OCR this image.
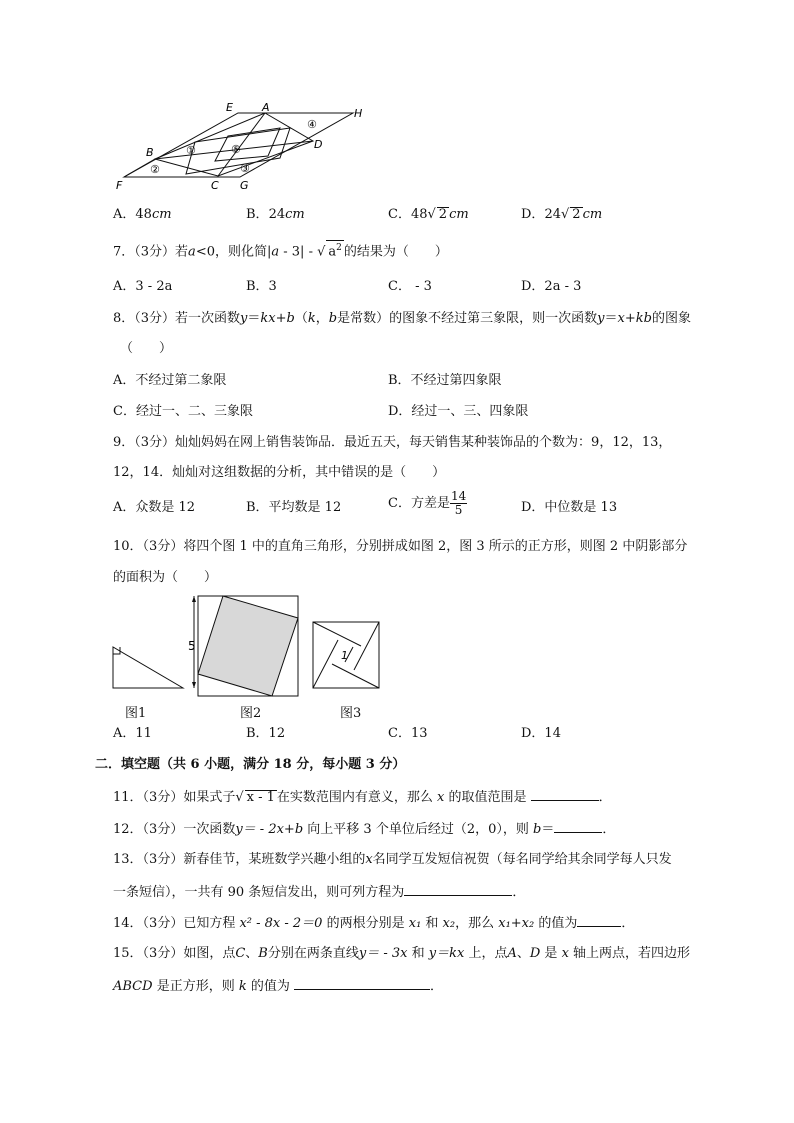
E	A	H
B
D
F	C G
①
②	③
④
⑤
A．48cm	B．24cm	C．48√ 2 cm	D．24√ 2 cm
7．（3分）若a<0，则化简|a - 3| - √ $a^2$ 的结果为（　　）
A．3 - 2a	B．3	C． - 3	D．2a - 3
8．（3分）若一次函数y＝kx+b（k，b是常数）的图象不经过第三象限，则一次函数y＝x+kb的图象
（　　）
A．不经过第二象限	B．不经过第四象限
C．经过一、二、三象限	D．经过一、三、四象限
9．（3分）灿灿妈妈在网上销售装饰品．最近五天，每天销售某种装饰品的个数为：9，12，13，
12，14．灿灿对这组数据的分析，其中错误的是（　　）
A．众数是 12	B．平均数是 12	C．方差是 $\frac{14}{5}$	D．中位数是 13
10．（3分）将四个图 1 中的直角三角形，分别拼成如图 2，图 3 所示的正方形，则图 2 中阴影部分
的面积为（　　）
5
1
图1	图2	图3
A．11	B．12	C．13	D．14
二．填空题（共 6 小题，满分 18 分，每小题 3 分）
11．（3分）如果式子√ x - 1 在实数范围内有意义，那么 x 的取值范围是	．
12．（3分）一次函数y＝ - 2x+b 向上平移 3 个单位后经过（2，0），则 b＝	．
13．（3分）新春佳节，某班数学兴趣小组的x名同学互发短信祝贺（每名同学给其余同学每人只发
一条短信），一共有 90 条短信发出，则可列方程为	．
14．（3分）已知方程 x² - 8x - 2＝0 的两根分别是 x₁ 和 x₂，那么 x₁+x₂ 的值为	．
15．（3分）如图，点C、B分别在两条直线y＝ - 3x 和 y＝kx 上，点A、D 是 x 轴上两点，若四边形
ABCD 是正方形，则 k 的值为	．
